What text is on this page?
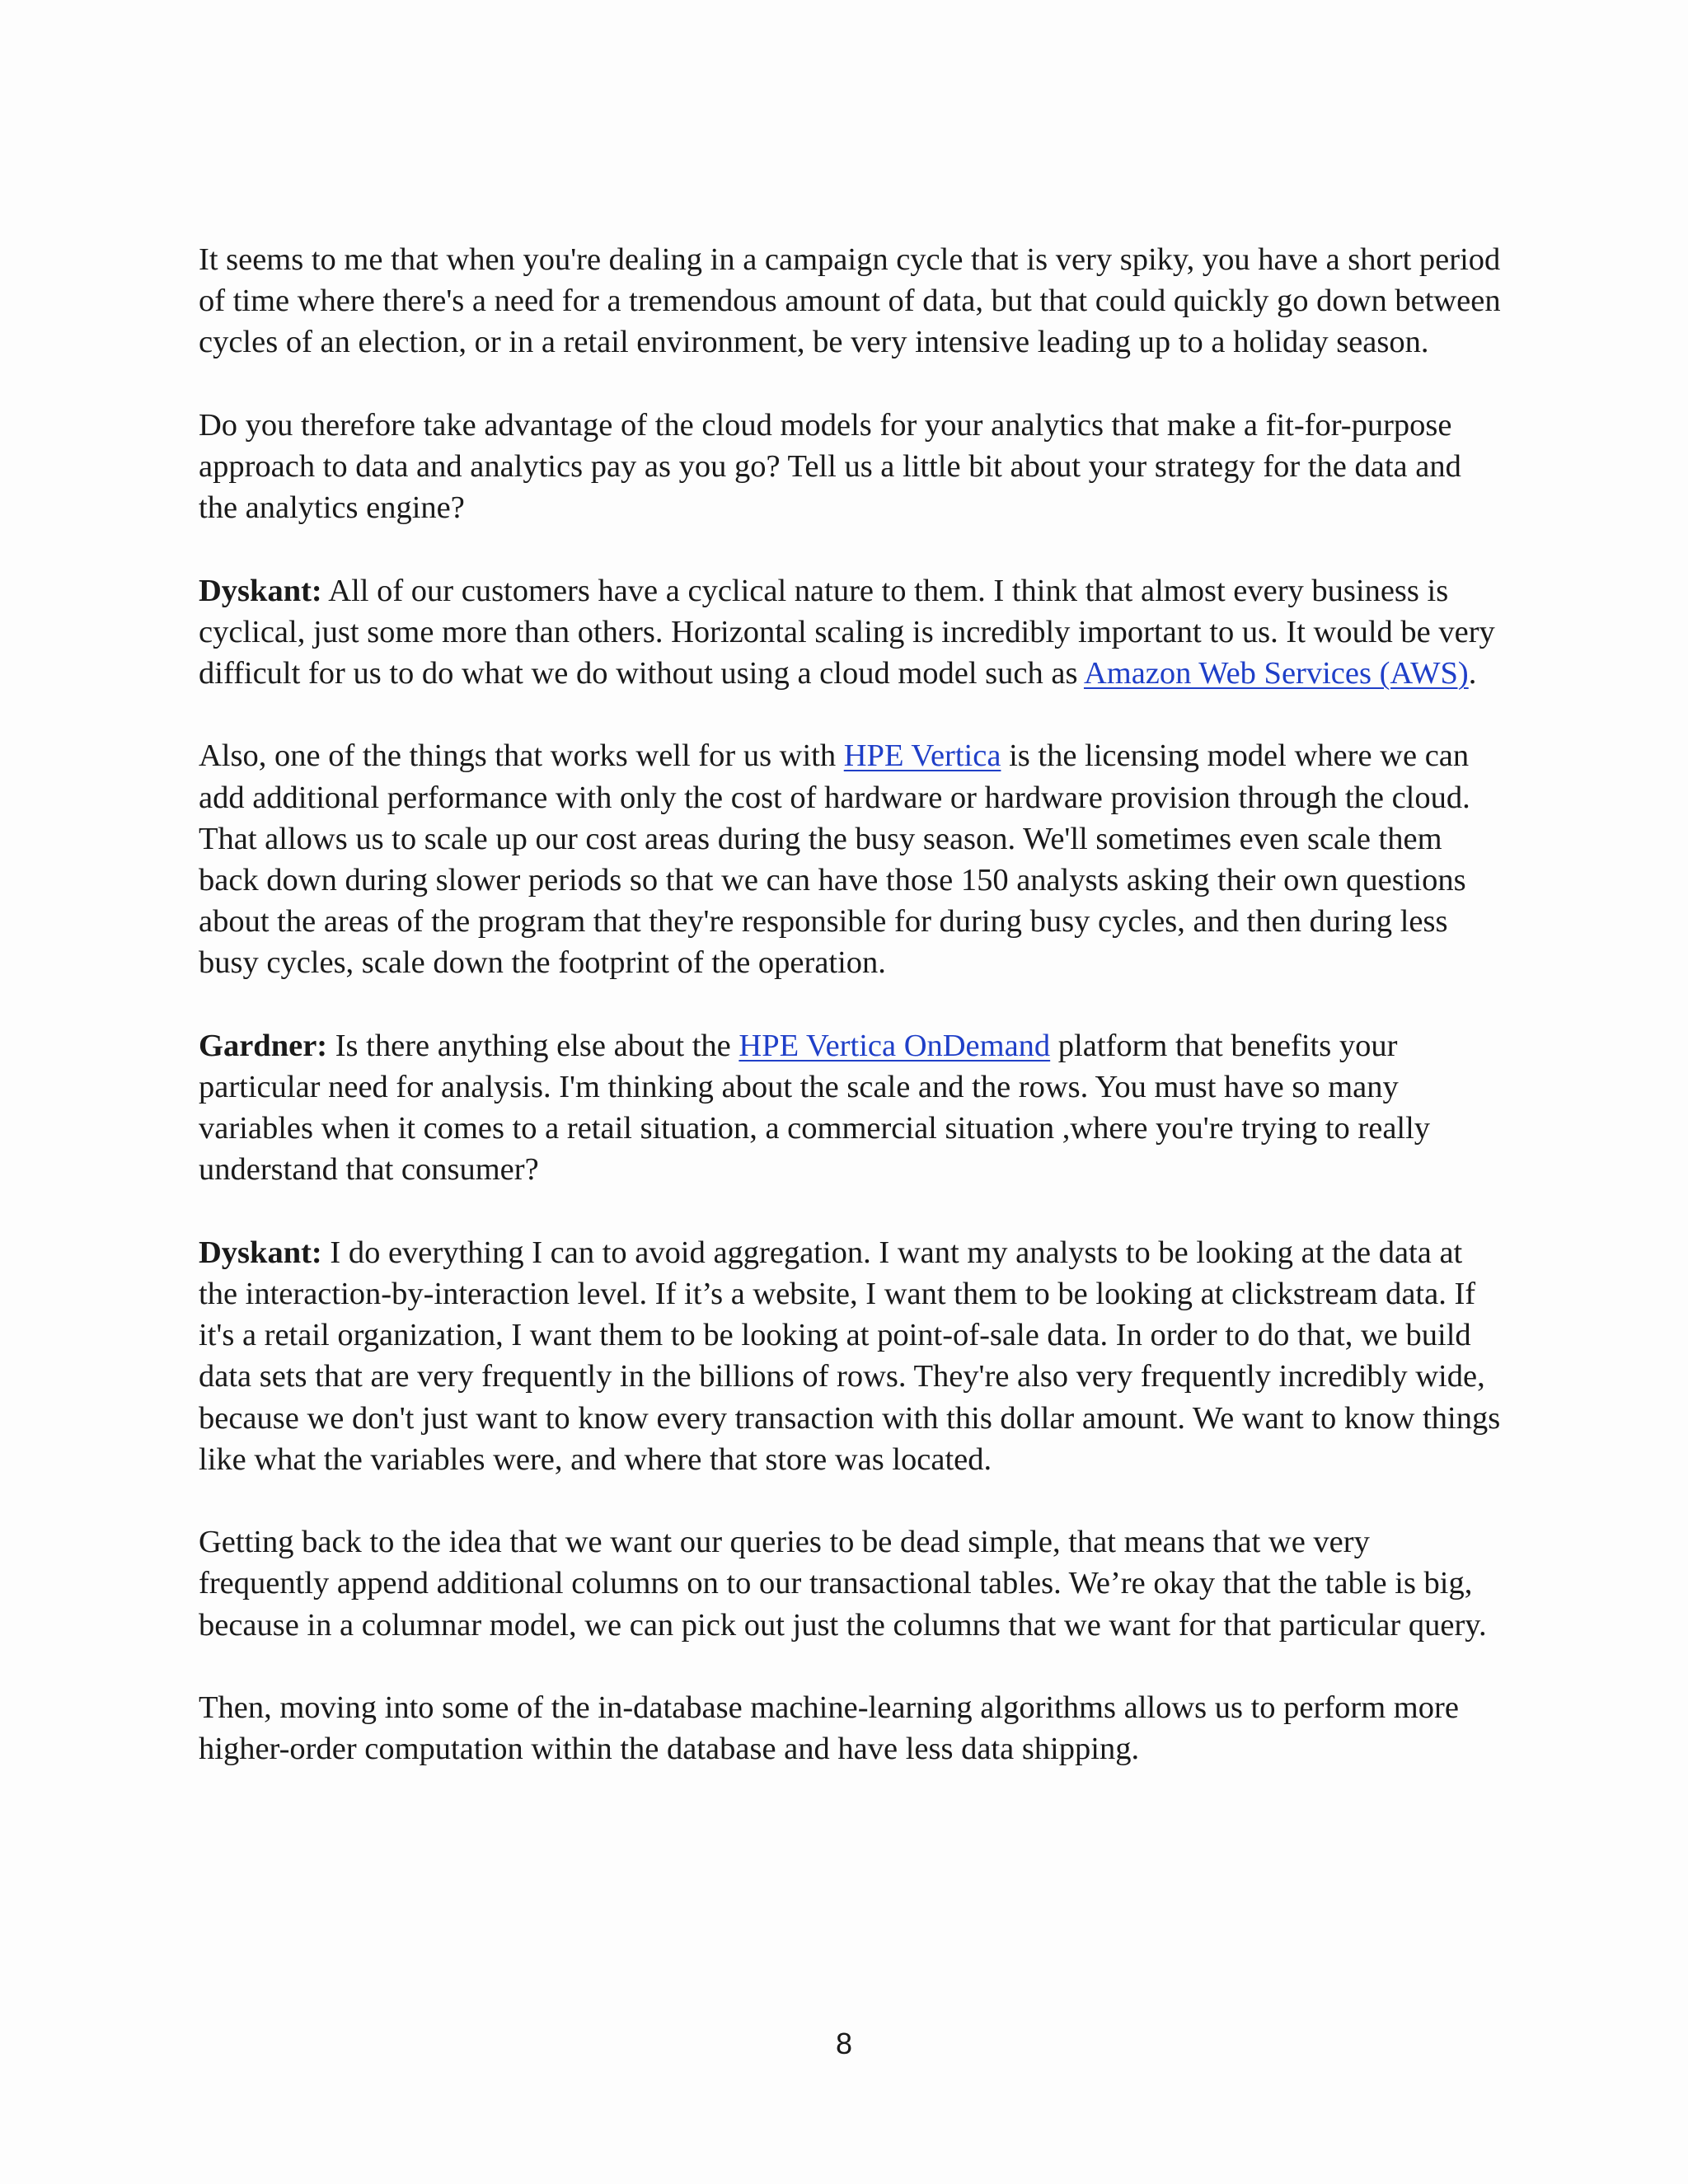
It seems to me that when you're dealing in a campaign cycle that is very spiky, you have a short period of time where there's a need for a tremendous amount of data, but that could quickly go down between cycles of an election, or in a retail environment, be very intensive leading up to a holiday season.

Do you therefore take advantage of the cloud models for your analytics that make a fit-for-purpose approach to data and analytics pay as you go? Tell us a little bit about your strategy for the data and the analytics engine?

Dyskant: All of our customers have a cyclical nature to them. I think that almost every business is cyclical, just some more than others. Horizontal scaling is incredibly important to us. It would be very difficult for us to do what we do without using a cloud model such as Amazon Web Services (AWS).

Also, one of the things that works well for us with HPE Vertica is the licensing model where we can add additional performance with only the cost of hardware or hardware provision through the cloud. That allows us to scale up our cost areas during the busy season. We'll sometimes even scale them back down during slower periods so that we can have those 150 analysts asking their own questions about the areas of the program that they're responsible for during busy cycles, and then during less busy cycles, scale down the footprint of the operation.

Gardner: Is there anything else about the HPE Vertica OnDemand platform that benefits your particular need for analysis. I'm thinking about the scale and the rows. You must have so many variables when it comes to a retail situation, a commercial situation ,where you're trying to really understand that consumer?

Dyskant: I do everything I can to avoid aggregation. I want my analysts to be looking at the data at the interaction-by-interaction level. If it’s a website, I want them to be looking at clickstream data. If it's a retail organization, I want them to be looking at point-of-sale data. In order to do that, we build data sets that are very frequently in the billions of rows. They're also very frequently incredibly wide, because we don't just want to know every transaction with this dollar amount. We want to know things like what the variables were, and where that store was located.

Getting back to the idea that we want our queries to be dead simple, that means that we very frequently append additional columns on to our transactional tables. We’re okay that the table is big, because in a columnar model, we can pick out just the columns that we want for that particular query.

Then, moving into some of the in-database machine-learning algorithms allows us to perform more higher-order computation within the database and have less data shipping.

8
